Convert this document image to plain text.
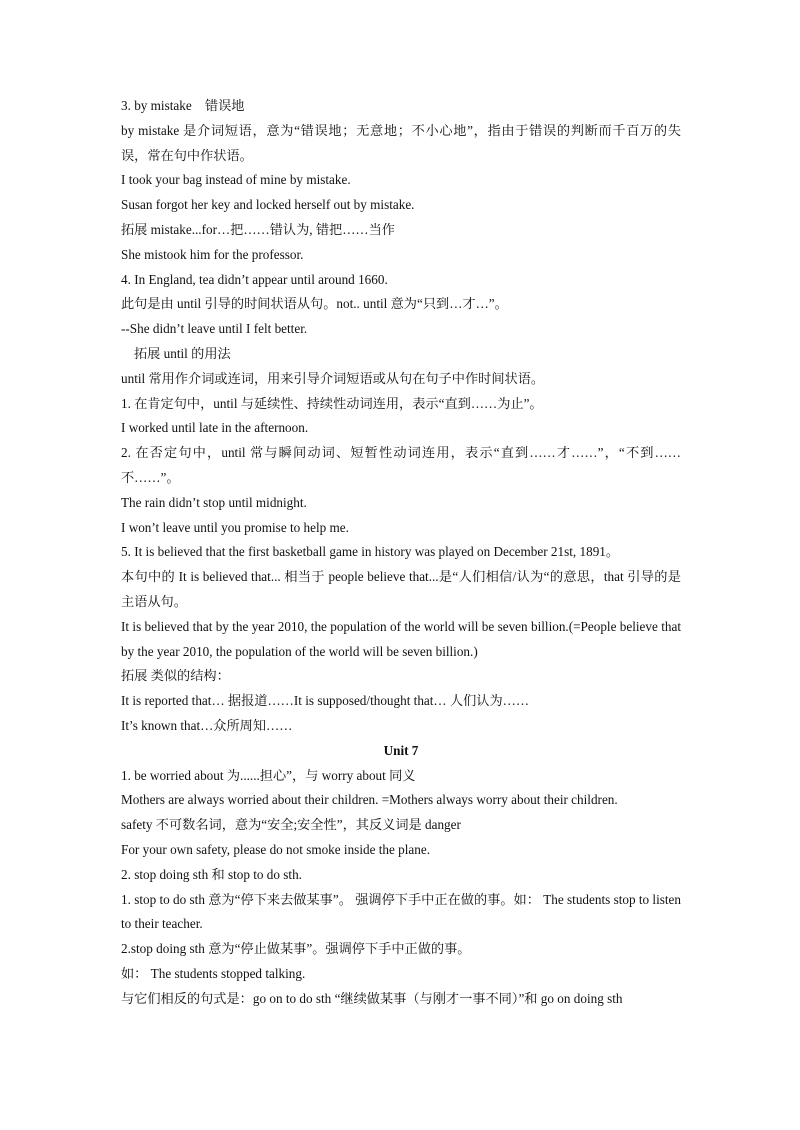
3. by mistake　错误地
by mistake 是介词短语，意为“错误地；无意地；不小心地”，指由于错误的判断而千百万的失误，常在句中作状语。
I took your bag instead of mine by mistake.
Susan forgot her key and locked herself out by mistake.
拓展 mistake...for…把……错认为, 错把……当作
She mistook him for the professor.
4. In England, tea didn’t appear until around 1660.
此句是由 until 引导的时间状语从句。not.. until 意为“只到…才…”。
--She didn’t leave until I felt better.
拓展 until 的用法
until 常用作介词或连词，用来引导介词短语或从句在句子中作时间状语。
1. 在肯定句中，until 与延续性、持续性动词连用，表示“直到……为止”。
I worked until late in the afternoon.
2. 在否定句中，until 常与瞬间动词、短暂性动词连用，表示“直到……才……”，“不到……不……”。
The rain didn’t stop until midnight.
I won’t leave until you promise to help me.
5. It is believed that the first basketball game in history was played on December 21st, 1891。
本句中的 It is believed that... 相当于 people believe that...是“人们相信/认为“的意思，that 引导的是主语从句。
It is believed that by the year 2010, the population of the world will be seven billion.(=People believe that by the year 2010, the population of the world will be seven billion.)
拓展 类似的结构：
It is reported that… 据报道……It is supposed/thought that… 人们认为……
It’s known that…众所周知……
Unit 7
1. be worried about 为......担心”，与 worry about 同义
Mothers are always worried about their children. =Mothers always worry about their children.
safety 不可数名词，意为“安全;安全性”，其反义词是 danger
For your own safety, please do not smoke inside the plane.
2. stop doing sth 和 stop to do sth.
1. stop to do sth 意为“停下来去做某事”。 强调停下手中正在做的事。如： The students stop to listen to their teacher.
2.stop doing sth 意为“停止做某事”。强调停下手中正做的事。
如： The students stopped talking.
与它们相反的句式是：go on to do sth “继续做某事（与刚才一事不同）”和 go on doing sth
